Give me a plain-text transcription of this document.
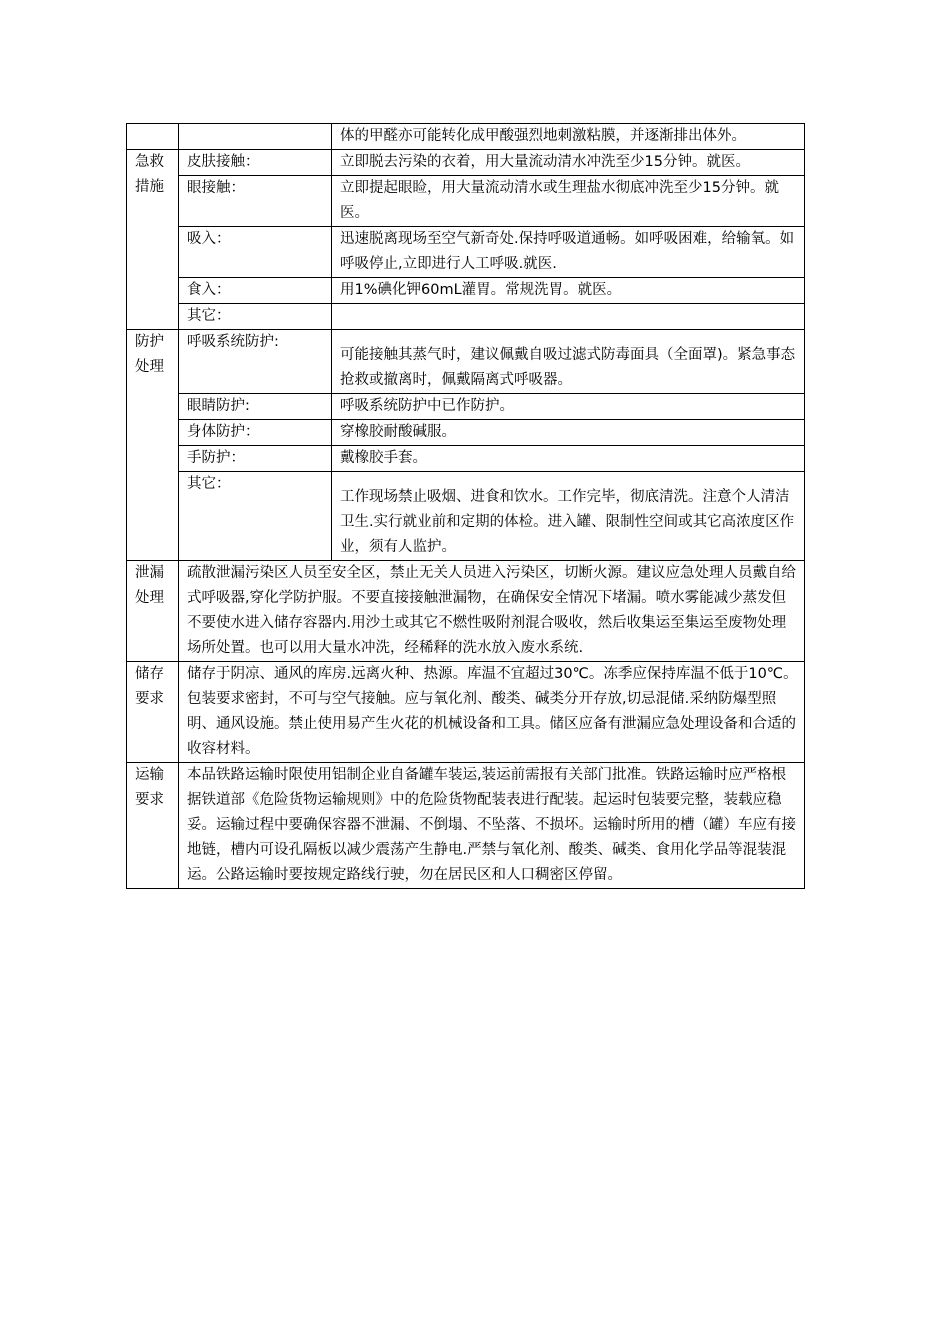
		体的甲醛亦可能转化成甲酸强烈地刺激粘膜，并逐渐排出体外。
急救措施	皮肤接触：	立即脱去污染的衣着，用大量流动清水冲洗至少15分钟。就医。
	眼接触：	立即提起眼睑，用大量流动清水或生理盐水彻底冲洗至少15分钟。就医。
	吸入：	迅速脱离现场至空气新奇处.保持呼吸道通畅。如呼吸困难，给输氧。如呼吸停止,立即进行人工呼吸.就医.
	食入：	用1%碘化钾60mL灌胃。常规洗胃。就医。
	其它：	
防护处理	呼吸系统防护:	可能接触其蒸气时，建议佩戴自吸过滤式防毒面具（全面罩)。紧急事态抢救或撤离时，佩戴隔离式呼吸器。
	眼睛防护:	呼吸系统防护中已作防护。
	身体防护：	穿橡胶耐酸碱服。
	手防护：	戴橡胶手套。
	其它：	工作现场禁止吸烟、进食和饮水。工作完毕，彻底清洗。注意个人清洁卫生.实行就业前和定期的体检。进入罐、限制性空间或其它高浓度区作业，须有人监护。
泄漏处理	疏散泄漏污染区人员至安全区，禁止无关人员进入污染区，切断火源。建议应急处理人员戴自给式呼吸器,穿化学防护服。不要直接接触泄漏物，在确保安全情况下堵漏。喷水雾能减少蒸发但不要使水进入储存容器内.用沙土或其它不燃性吸附剂混合吸收，然后收集运至集运至废物处理场所处置。也可以用大量水冲洗，经稀释的洗水放入废水系统.	
储存要求	储存于阴凉、通风的库房.远离火种、热源。库温不宜超过30℃。冻季应保持库温不低于10℃。包装要求密封，不可与空气接触。应与氧化剂、酸类、碱类分开存放,切忌混储.采纳防爆型照明、通风设施。禁止使用易产生火花的机械设备和工具。储区应备有泄漏应急处理设备和合适的收容材料。	
运输要求	本品铁路运输时限使用铝制企业自备罐车装运,装运前需报有关部门批准。铁路运输时应严格根据铁道部《危险货物运输规则》中的危险货物配装表进行配装。起运时包装要完整，装载应稳妥。运输过程中要确保容器不泄漏、不倒塌、不坠落、不损坏。运输时所用的槽（罐）车应有接地链，槽内可设孔隔板以减少震荡产生静电.严禁与氧化剂、酸类、碱类、食用化学品等混装混运。公路运输时要按规定路线行驶，勿在居民区和人口稠密区停留。	
